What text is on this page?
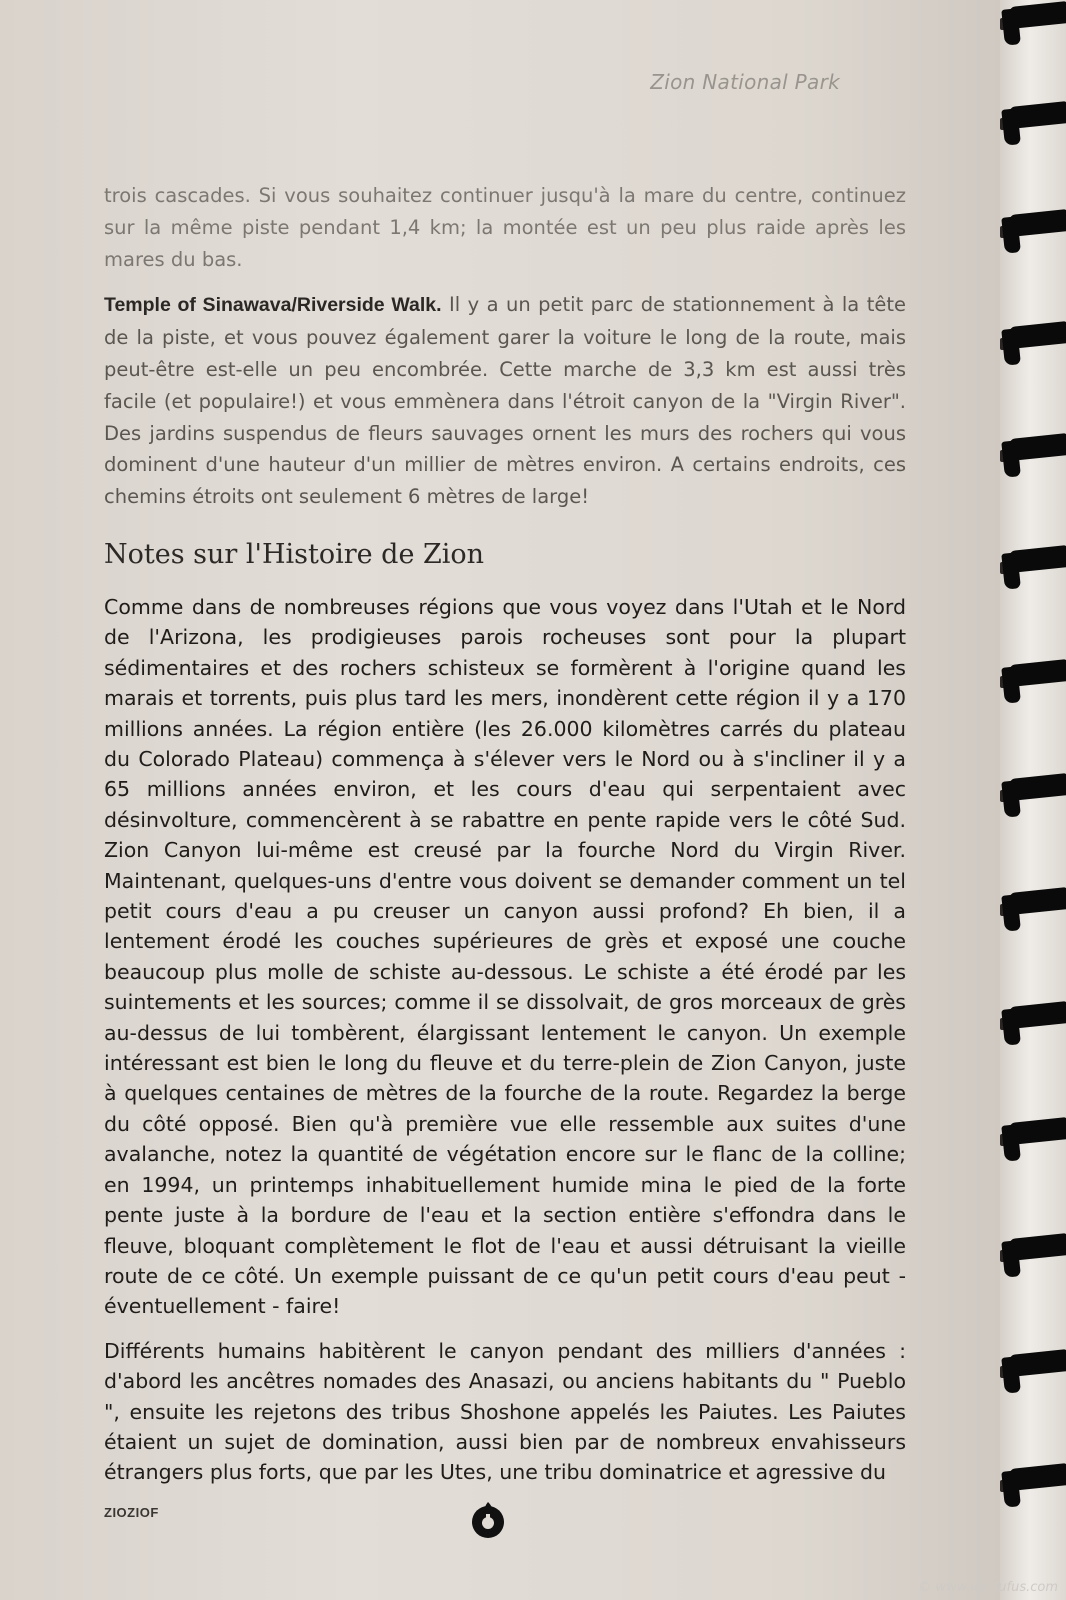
Zion National Park

trois cascades. Si vous souhaitez continuer jusqu'à la mare du centre, continuez sur la même piste pendant 1,4 km; la montée est un peu plus raide après les mares du bas.

Temple of Sinawava/Riverside Walk. Il y a un petit parc de stationnement à la tête de la piste, et vous pouvez également garer la voiture le long de la route, mais peut-être est-elle un peu encombrée. Cette marche de 3,3 km est aussi très facile (et populaire!) et vous emmènera dans l'étroit canyon de la "Virgin River". Des jardins suspendus de fleurs sauvages ornent les murs des rochers qui vous dominent d'une hauteur d'un millier de mètres environ. A certains endroits, ces chemins étroits ont seulement 6 mètres de large!

Notes sur l'Histoire de Zion

Comme dans de nombreuses régions que vous voyez dans l'Utah et le Nord de l'Arizona, les prodigieuses parois rocheuses sont pour la plupart sédimentaires et des rochers schisteux se formèrent à l'origine quand les marais et torrents, puis plus tard les mers, inondèrent cette région il y a 170 millions années. La région entière (les 26.000 kilomètres carrés du plateau du Colorado Plateau) commença à s'élever vers le Nord ou à s'incliner il y a 65 millions années environ, et les cours d'eau qui serpentaient avec désinvolture, commencèrent à se rabattre en pente rapide vers le côté Sud. Zion Canyon lui-même est creusé par la fourche Nord du Virgin River. Maintenant, quelques-uns d'entre vous doivent se demander comment un tel petit cours d'eau a pu creuser un canyon aussi profond? Eh bien, il a lentement érodé les couches supérieures de grès et exposé une couche beaucoup plus molle de schiste au-dessous. Le schiste a été érodé par les suintements et les sources; comme il se dissolvait, de gros morceaux de grès au-dessus de lui tombèrent, élargissant lentement le canyon. Un exemple intéressant est bien le long du fleuve et du terre-plein de Zion Canyon, juste à quelques centaines de mètres de la fourche de la route. Regardez la berge du côté opposé. Bien qu'à première vue elle ressemble aux suites d'une avalanche, notez la quantité de végétation encore sur le flanc de la colline; en 1994, un printemps inhabituellement humide mina le pied de la forte pente juste à la bordure de l'eau et la section entière s'effondra dans le fleuve, bloquant complètement le flot de l'eau et aussi détruisant la vieille route de ce côté. Un exemple puissant de ce qu'un petit cours d'eau peut - éventuellement - faire!

Différents humains habitèrent le canyon pendant des milliers d'années : d'abord les ancêtres nomades des Anasazi, ou anciens habitants du " Pueblo ", ensuite les rejetons des tribus Shoshone appelés les Paiutes. Les Paiutes étaient un sujet de domination, aussi bien par de nombreux envahisseurs étrangers plus forts, que par les Utes, une tribu dominatrice et agressive du

ZIOZIOF
© www.les-fufus.com
